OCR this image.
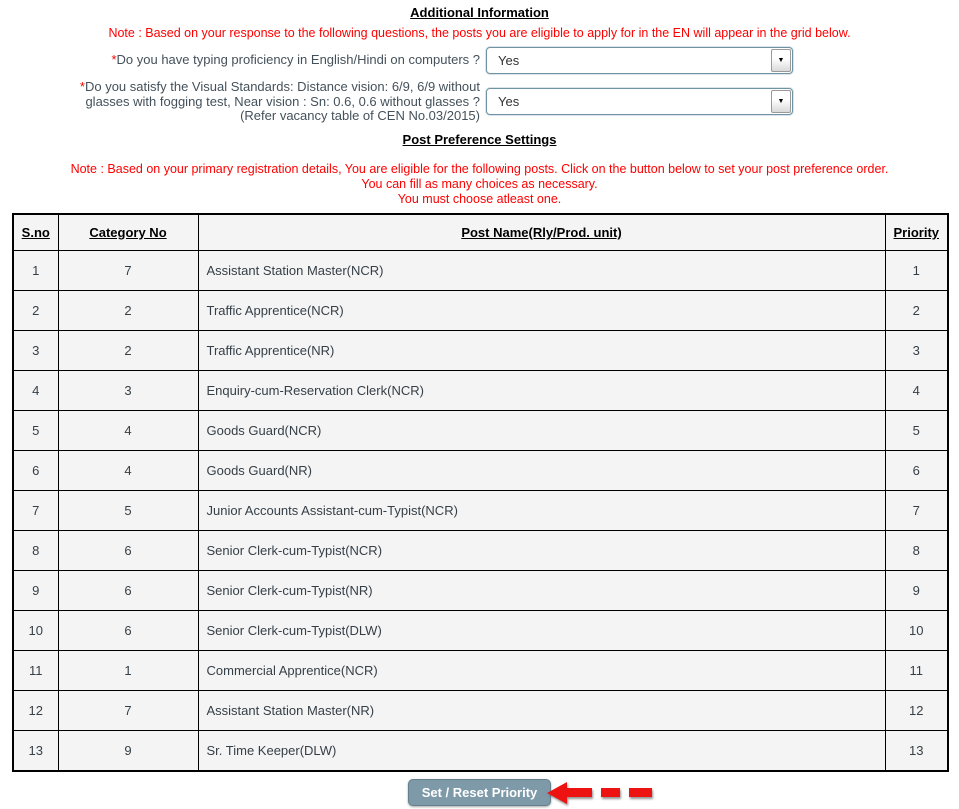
Additional Information
Note : Based on your response to the following questions, the posts you are eligible to apply for in the EN will appear in the grid below.
*Do you have typing proficiency in English/Hindi on computers ? Yes	▼
*Do you satisfy the Visual Standards: Distance vision: 6/9, 6/9 without
glasses with fogging test, Near vision : Sn: 0.6, 0.6 without glasses ?
(Refer vacancy table of CEN No.03/2015)
Yes	▼
Post Preference Settings
Note : Based on your primary registration details, You are eligible for the following posts. Click on the button below to set your post preference order.
You can fill as many choices as necessary.
You must choose atleast one.
S.no	Category No	Post Name(Rly/Prod. unit)	Priority
1	7	Assistant Station Master(NCR)	1
2	2	Traffic Apprentice(NCR)	2
3	2	Traffic Apprentice(NR)	3
4	3	Enquiry-cum-Reservation Clerk(NCR)	4
5	4	Goods Guard(NCR)	5
6	4	Goods Guard(NR)	6
7	5	Junior Accounts Assistant-cum-Typist(NCR)	7
8	6	Senior Clerk-cum-Typist(NCR)	8
9	6	Senior Clerk-cum-Typist(NR)	9
10	6	Senior Clerk-cum-Typist(DLW)	10
11	1	Commercial Apprentice(NCR)	11
12	7	Assistant Station Master(NR)	12
13	9	Sr. Time Keeper(DLW)	13
Set / Reset Priority
